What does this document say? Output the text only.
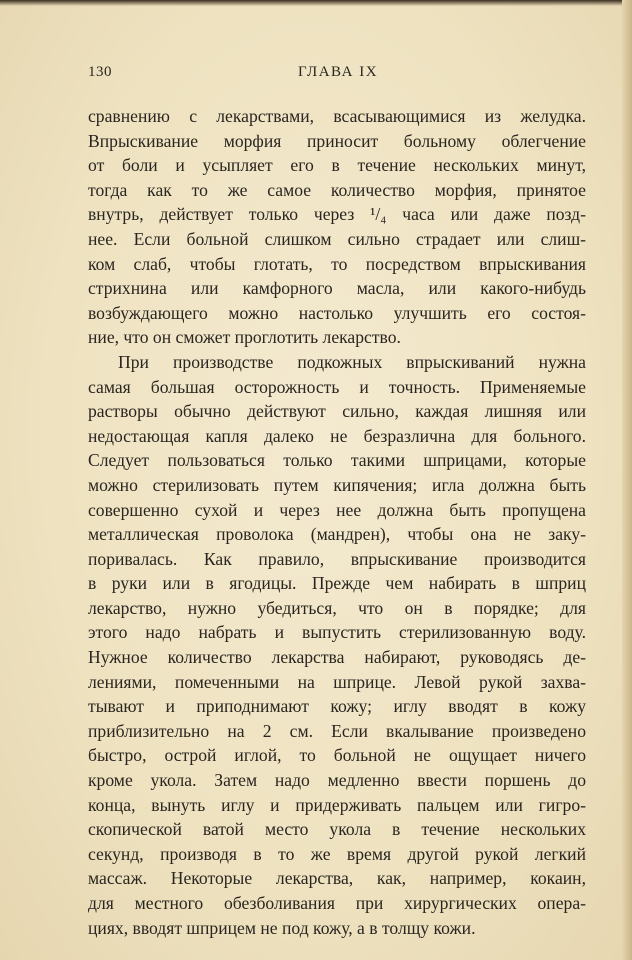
130	ГЛАВА IX
сравнению с лекарствами, всасывающимися из желудка.
Впрыскивание морфия приносит больному облегчение
от боли и усыпляет его в течение нескольких минут,
тогда как то же самое количество морфия, принятое
внутрь, действует только через ¹/₄ часа или даже позд-
нее. Если больной слишком сильно страдает или слиш-
ком слаб, чтобы глотать, то посредством впрыскивания
стрихнина или камфорного масла, или какого-нибудь
возбуждающего можно настолько улучшить его состоя-
ние, что он сможет проглотить лекарство.
При производстве подкожных впрыскиваний нужна
самая большая осторожность и точность. Применяемые
растворы обычно действуют сильно, каждая лишняя или
недостающая капля далеко не безразлична для больного.
Следует пользоваться только такими шприцами, которые
можно стерилизовать путем кипячения; игла должна быть
совершенно сухой и через нее должна быть пропущена
металлическая проволока (мандрен), чтобы она не заку-
поривалась. Как правило, впрыскивание производится
в руки или в ягодицы. Прежде чем набирать в шприц
лекарство, нужно убедиться, что он в порядке; для
этого надо набрать и выпустить стерилизованную воду.
Нужное количество лекарства набирают, руководясь де-
лениями, помеченными на шприце. Левой рукой захва-
тывают и приподнимают кожу; иглу вводят в кожу
приблизительно на 2 см. Если вкалывание произведено
быстро, острой иглой, то больной не ощущает ничего
кроме укола. Затем надо медленно ввести поршень до
конца, вынуть иглу и придерживать пальцем или гигро-
скопической ватой место укола в течение нескольких
секунд, производя в то же время другой рукой легкий
массаж. Некоторые лекарства, как, например, кокаин,
для местного обезболивания при хирургических опера-
циях, вводят шприцем не под кожу, а в толщу кожи.
